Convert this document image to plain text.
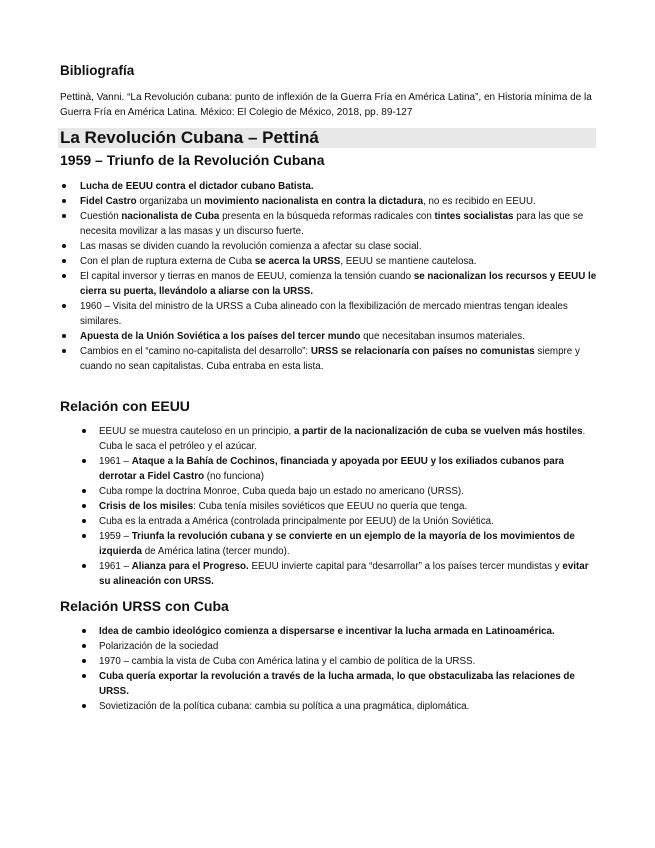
Bibliografía

Pettinà, Vanni. “La Revolución cubana: punto de inflexión de la Guerra Fría en América Latina”, en Historia mínima de la Guerra Fría en América Latina. México: El Colegio de México, 2018, pp. 89-127

La Revolución Cubana – Pettiná
1959 – Triunfo de la Revolución Cubana
Lucha de EEUU contra el dictador cubano Batista.
Fidel Castro organizaba un movimiento nacionalista en contra la dictadura, no es recibido en EEUU.
Cuestión nacionalista de Cuba presenta en la búsqueda reformas radicales con tintes socialistas para las que se necesita movilizar a las masas y un discurso fuerte.
Las masas se dividen cuando la revolución comienza a afectar su clase social.
Con el plan de ruptura externa de Cuba se acerca la URSS, EEUU se mantiene cautelosa.
El capital inversor y tierras en manos de EEUU, comienza la tensión cuando se nacionalizan los recursos y EEUU le cierra su puerta, llevándolo a aliarse con la URSS.
1960 – Visita del ministro de la URSS a Cuba alineado con la flexibilización de mercado mientras tengan ideales similares.
Apuesta de la Unión Soviética a los países del tercer mundo que necesitaban insumos materiales.
Cambios en el “camino no-capitalista del desarrollo”: URSS se relacionaría con países no comunistas siempre y cuando no sean capitalistas. Cuba entraba en esta lista.
Relación con EEUU
EEUU se muestra cauteloso en un principio, a partir de la nacionalización de cuba se vuelven más hostiles. Cuba le saca el petróleo y el azúcar.
1961 – Ataque a la Bahía de Cochinos, financiada y apoyada por EEUU y los exiliados cubanos para derrotar a Fidel Castro (no funciona)
Cuba rompe la doctrina Monroe, Cuba queda bajo un estado no americano (URSS).
Crisis de los misiles: Cuba tenía misiles soviéticos que EEUU no quería que tenga.
Cuba es la entrada a América (controlada principalmente por EEUU) de la Unión Soviética.
1959 – Triunfa la revolución cubana y se convierte en un ejemplo de la mayoría de los movimientos de izquierda de América latina (tercer mundo).
1961 – Alianza para el Progreso. EEUU invierte capital para “desarrollar” a los países tercer mundistas y evitar su alineación con URSS.
Relación URSS con Cuba
Idea de cambio ideológico comienza a dispersarse e incentivar la lucha armada en Latinoamérica.
Polarización de la sociedad
1970 – cambia la vista de Cuba con América latina y el cambio de política de la URSS.
Cuba quería exportar la revolución a través de la lucha armada, lo que obstaculizaba las relaciones de URSS.
Sovietización de la política cubana: cambia su política a una pragmática, diplomática.
